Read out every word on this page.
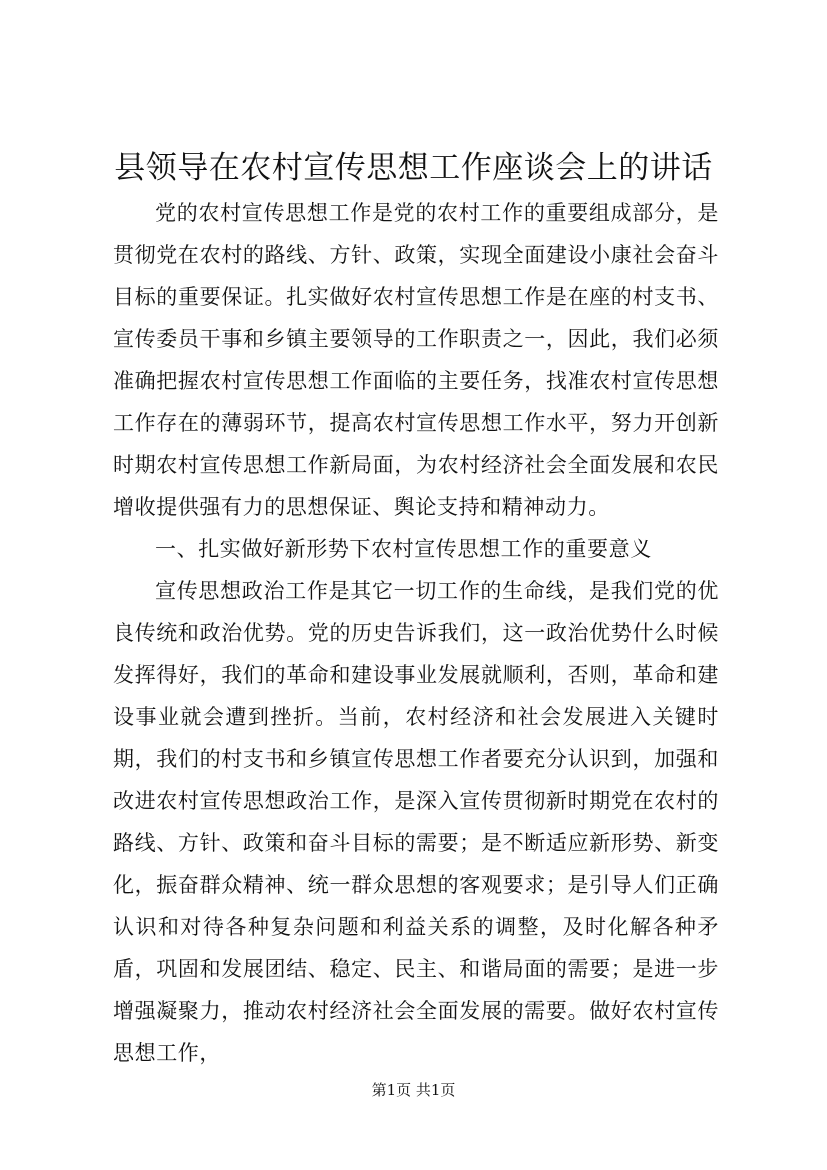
县领导在农村宣传思想工作座谈会上的讲话

党的农村宣传思想工作是党的农村工作的重要组成部分，是贯彻党在农村的路线、方针、政策，实现全面建设小康社会奋斗目标的重要保证。扎实做好农村宣传思想工作是在座的村支书、宣传委员干事和乡镇主要领导的工作职责之一，因此，我们必须准确把握农村宣传思想工作面临的主要任务，找准农村宣传思想工作存在的薄弱环节，提高农村宣传思想工作水平，努力开创新时期农村宣传思想工作新局面，为农村经济社会全面发展和农民增收提供强有力的思想保证、舆论支持和精神动力。

一、扎实做好新形势下农村宣传思想工作的重要意义

宣传思想政治工作是其它一切工作的生命线，是我们党的优良传统和政治优势。党的历史告诉我们，这一政治优势什么时候发挥得好，我们的革命和建设事业发展就顺利，否则，革命和建设事业就会遭到挫折。当前，农村经济和社会发展进入关键时期，我们的村支书和乡镇宣传思想工作者要充分认识到，加强和改进农村宣传思想政治工作，是深入宣传贯彻新时期党在农村的路线、方针、政策和奋斗目标的需要；是不断适应新形势、新变化，振奋群众精神、统一群众思想的客观要求；是引导人们正确认识和对待各种复杂问题和利益关系的调整，及时化解各种矛盾，巩固和发展团结、稳定、民主、和谐局面的需要；是进一步增强凝聚力，推动农村经济社会全面发展的需要。做好农村宣传思想工作，

第1页 共1页
